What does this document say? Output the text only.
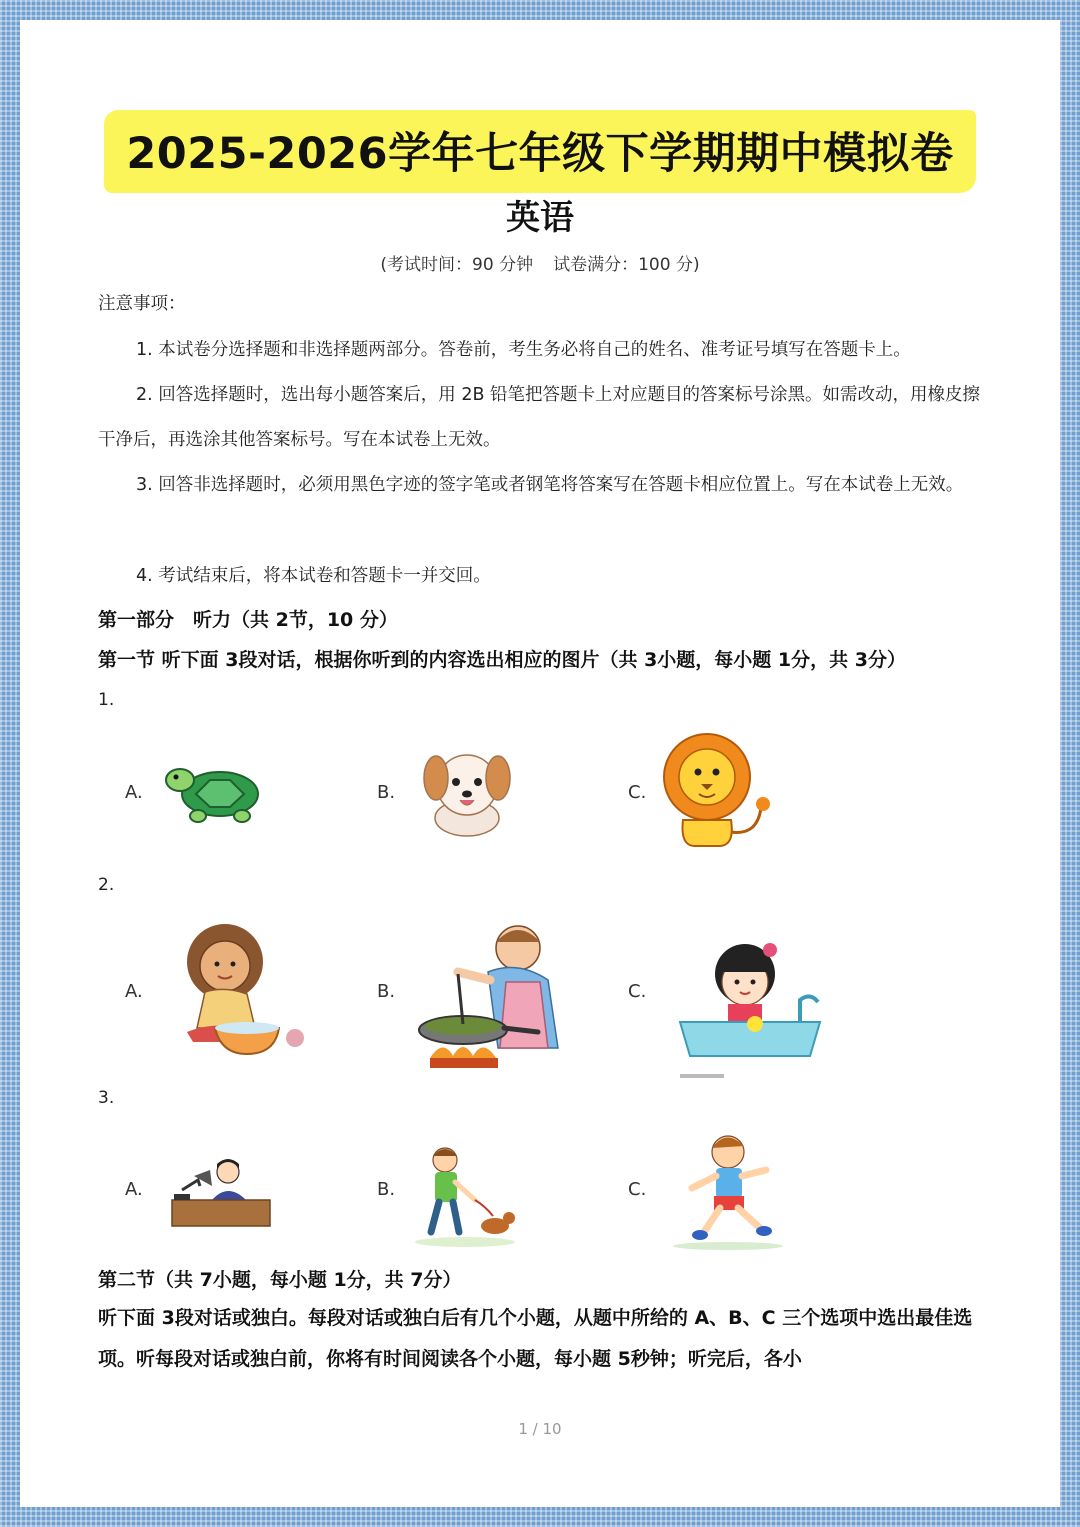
2025-2026学年七年级下学期期中模拟卷
英语
(考试时间：90 分钟 试卷满分：100 分)
注意事项：
1. 本试卷分选择题和非选择题两部分。答卷前，考生务必将自己的姓名、准考证号填写在答题卡上。
2. 回答选择题时，选出每小题答案后，用 2B 铅笔把答题卡上对应题目的答案标号涂黑。如需改动，用橡皮擦干净后，再选涂其他答案标号。写在本试卷上无效。
3. 回答非选择题时，必须用黑色字迹的签字笔或者钢笔将答案写在答题卡相应位置上。写在本试卷上无效。
4. 考试结束后，将本试卷和答题卡一并交回。
第一部分　听力（共 2节，10 分）
第一节 听下面 3段对话，根据你听到的内容选出相应的图片（共 3小题，每小题 1分，共 3分）
1.
A.	B.	C.
2.
A.	B.	C.
3.
A.	B.	C.
第二节（共 7小题，每小题 1分，共 7分）
听下面 3段对话或独白。每段对话或独白后有几个小题，从题中所给的 A、B、C 三个选项中选出最佳选项。听每段对话或独白前，你将有时间阅读各个小题，每小题 5秒钟；听完后，各小
1 / 10
